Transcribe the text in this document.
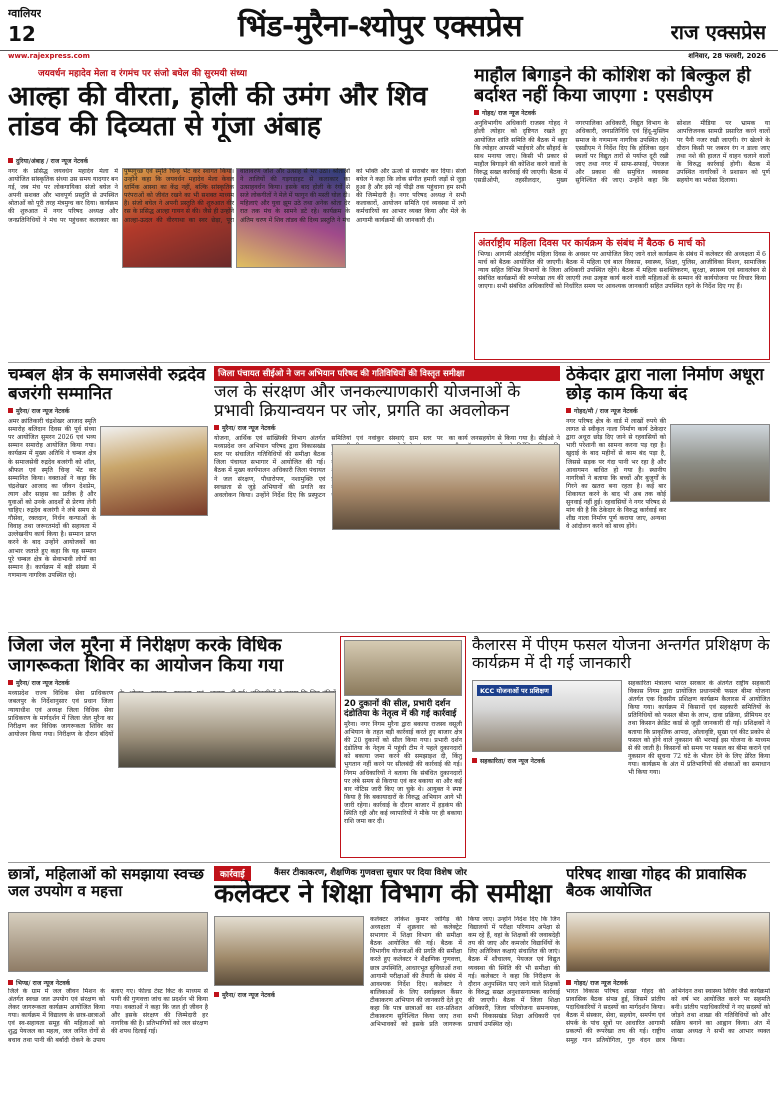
ग्वालियर
12	भिंड-मुरैना-श्योपुर एक्सप्रेस	राज एक्सप्रेस
www.rajexpress.com	शनिवार, 28 फरवरी, 2026
जयवर्धन महादेव मेला व रंगमंच पर संजो बघेल की सुरमयी संध्या
आल्हा की वीरता, होली की उमंग और शिव तांडव की दिव्यता से गूंजा अंबाह
दुरिया/अंबाह / राज न्यूज नेटवर्क
नगर के प्रसिद्ध जयवर्धन महादेव मेला में आयोजित सांस्कृतिक संध्या उस समय यादगार बन गई, जब मंच पर लोकगायिका संजो बघेल ने अपनी सशक्त और भावपूर्ण प्रस्तुति से उपस्थित श्रोताओं को पूरी तरह मंत्रमुग्ध कर दिया। कार्यक्रम की शुरुआत में नगर परिषद अध्यक्ष और जनप्रतिनिधियों ने मंच पर पहुंचकर कलाकार का पुष्पगुच्छ एवं स्मृति चिन्ह भेंट कर स्वागत किया। उन्होंने कहा कि जयवर्धन महादेव मेला केवल धार्मिक आस्था का केंद्र नहीं, बल्कि सांस्कृतिक परंपराओं को जीवंत रखने का भी सशक्त माध्यम है। संजो बघेल ने अपनी प्रस्तुति की शुरुआत वीर रस के प्रसिद्ध आल्हा गायन से की। जैसे ही उन्होंने आल्हा-ऊदल की वीरगाथा का स्वर छेड़ा, पूरा वातावरण जोश और उत्साह से भर उठा। श्रोताओं ने तालियों की गड़गड़ाहट से कलाकार का उत्साहवर्धन किया। इसके बाद होली के रंगों से सजे लोकगीतों ने मेले में फागुन की मस्ती घोल दी। महिलाएं और युवा झूम उठे तथा अनेक श्रोता देर रात तक मंच के सामने डटे रहे। कार्यक्रम के अंतिम चरण में शिव तांडव की दिव्य प्रस्तुति ने मंच को भक्ति और ऊर्जा से सराबोर कर दिया। संजो बघेल ने कहा कि लोक संगीत हमारी जड़ों से जुड़ा हुआ है और इसे नई पीढ़ी तक पहुंचाना हम सभी की जिम्मेदारी है। नगर परिषद अध्यक्ष ने सभी कलाकारों, आयोजन समिति एवं व्यवस्था में लगे कर्मचारियों का आभार व्यक्त किया और मेले के आगामी कार्यक्रमों की जानकारी दी।
माहौल बिगाड़ने की कोशिश को बिल्कुल ही बर्दाश्त नहीं किया जाएगा : एसडीएम
गोहद/ राज न्यूज नेटवर्क
अनुविभागीय अधिकारी राजस्व गोहद ने होली त्योहार को दृष्टिगत रखते हुए आयोजित शांति समिति की बैठक में कहा कि त्योहार आपसी भाईचारे और सौहार्द के साथ मनाया जाए। किसी भी प्रकार से माहौल बिगाड़ने की कोशिश करने वालों के विरुद्ध सख्त कार्रवाई की जाएगी। बैठक में एसडीओपी, तहसीलदार, मुख्य नगरपालिका अधिकारी, विद्युत विभाग के अधिकारी, जनप्रतिनिधि एवं हिंदू-मुस्लिम समाज के गणमान्य नागरिक उपस्थित रहे। एसडीएम ने निर्देश दिए कि होलिका दहन स्थलों पर विद्युत तारों से पर्याप्त दूरी रखी जाए तथा नगर में साफ-सफाई, पेयजल और प्रकाश की समुचित व्यवस्था सुनिश्चित की जाए। उन्होंने कहा कि सोशल मीडिया पर भ्रामक या आपत्तिजनक सामग्री प्रसारित करने वालों पर पैनी नजर रखी जाएगी। रंग खेलने के दौरान किसी पर जबरन रंग न डाला जाए तथा नशे की हालत में वाहन चलाने वालों के विरुद्ध कार्रवाई होगी। बैठक में उपस्थित नागरिकों ने प्रशासन को पूर्ण सहयोग का भरोसा दिलाया।
अंतर्राष्ट्रीय महिला दिवस पर कार्यक्रम के संबंध में बैठक 6 मार्च को
भिण्ड। आगामी अंतर्राष्ट्रीय महिला दिवस के अवसर पर आयोजित किए जाने वाले कार्यक्रम के संबंध में कलेक्टर की अध्यक्षता में 6 मार्च को बैठक आयोजित की जाएगी। बैठक में महिला एवं बाल विकास, स्वास्थ्य, शिक्षा, पुलिस, आजीविका मिशन, सामाजिक न्याय सहित विभिन्न विभागों के जिला अधिकारी उपस्थित रहेंगे। बैठक में महिला सशक्तिकरण, सुरक्षा, स्वास्थ्य एवं स्वावलंबन से संबंधित कार्यक्रमों की रूपरेखा तय की जाएगी तथा उत्कृष्ट कार्य करने वाली महिलाओं के सम्मान की कार्ययोजना पर विचार किया जाएगा। सभी संबंधित अधिकारियों को निर्धारित समय पर आवश्यक जानकारी सहित उपस्थित रहने के निर्देश दिए गए हैं।
चम्बल क्षेत्र के समाजसेवी रुद्रदेव बजरंगी सम्मानित
मुरैना/ राज न्यूज नेटवर्क
अमर क्रांतिकारी चंद्रशेखर आजाद स्मृति समारोह बलिदान दिवस की पूर्व संध्या पर आयोजित सुमरन 2026 एवं भव्य सम्मान समारोह आयोजित किया गया। कार्यक्रम में मुख्य अतिथि ने चम्बल क्षेत्र के समाजसेवी रुद्रदेव बजरंगी को शॉल, श्रीफल एवं स्मृति चिन्ह भेंट कर सम्मानित किया। वक्ताओं ने कहा कि चंद्रशेखर आजाद का जीवन देशप्रेम, त्याग और साहस का प्रतीक है और युवाओं को उनके आदर्शों से प्रेरणा लेनी चाहिए। रुद्रदेव बजरंगी ने लंबे समय से गौसेवा, रक्तदान, निर्धन कन्याओं के विवाह तथा जरूरतमंदों की सहायता में उल्लेखनीय कार्य किया है। सम्मान प्राप्त करने के बाद उन्होंने आयोजकों का आभार जताते हुए कहा कि यह सम्मान पूरे चम्बल क्षेत्र के सेवाभावी लोगों का सम्मान है। कार्यक्रम में बड़ी संख्या में गणमान्य नागरिक उपस्थित रहे।
जिला पंचायत सीईओ ने जन अभियान परिषद की गतिविधियों की विस्तृत समीक्षा
जल के संरक्षण और जनकल्याणकारी योजनाओं के प्रभावी क्रियान्वयन पर जोर, प्रगति का अवलोकन
मुरैना/ राज न्यूज नेटवर्क
योजना, आर्थिक एवं सांख्यिकी विभाग अंतर्गत मध्यप्रदेश जन अभियान परिषद द्वारा विकासखंड स्तर पर संचालित गतिविधियों की समीक्षा बैठक जिला पंचायत सभागार में आयोजित की गई। बैठक में मुख्य कार्यपालन अधिकारी जिला पंचायत ने जल संरक्षण, पौधारोपण, नशामुक्ति एवं स्वच्छता से जुड़े अभियानों की प्रगति का अवलोकन किया। उन्होंने निर्देश दिए कि प्रस्फुटन समितियां एवं नवांकुर संस्थाएं ग्राम स्तर पर का कार्य जनसहयोग से किया गया है। सीईओ ने
ठेकेदार द्वारा नाला निर्माण अधूरा छोड़ काम किया बंद
गोहद/मौ / राज न्यूज नेटवर्क
नगर परिषद क्षेत्र के वार्ड में लाखों रुपये की लागत से स्वीकृत नाला निर्माण कार्य ठेकेदार द्वारा अधूरा छोड़ दिए जाने से रहवासियों को भारी परेशानी का सामना करना पड़ रहा है। खुदाई के बाद महीनों से काम बंद पड़ा है, जिससे सड़क पर गंदा पानी भर रहा है और आवागमन बाधित हो गया है। स्थानीय नागरिकों ने बताया कि बच्चों और बुजुर्गों के गिरने का खतरा बना रहता है। कई बार शिकायत करने के बाद भी अब तक कोई सुनवाई नहीं हुई। रहवासियों ने नगर परिषद से मांग की है कि ठेकेदार के विरुद्ध कार्रवाई कर शीघ्र नाला निर्माण पूर्ण कराया जाए, अन्यथा वे आंदोलन करने को बाध्य होंगे।
जिला जेल मुरैना में निरीक्षण करके विधिक जागरूकता शिविर का आयोजन किया गया
मुरैना/ राज न्यूज नेटवर्क
मध्यप्रदेश राज्य विधिक सेवा प्राधिकरण जबलपुर के निर्देशानुसार एवं प्रधान जिला न्यायाधीश एवं अध्यक्ष जिला विधिक सेवा प्राधिकरण के मार्गदर्शन में जिला जेल मुरैना का निरीक्षण कर विधिक जागरूकता शिविर का आयोजन किया गया। निरीक्षण के दौरान बंदियों
20 दुकानों की सील, प्रभारी दर्शन दंडोतिया के नेतृत्व में की गई कार्रवाई
मुरैना। नगर निगम मुरैना द्वारा बकाया राजस्व वसूली अभियान के तहत बड़ी कार्रवाई करते हुए बाजार क्षेत्र की 20 दुकानों को सील किया गया। प्रभारी दर्शन दंडोतिया के नेतृत्व में पहुंची टीम ने पहले दुकानदारों को बकाया जमा करने की समझाइश दी, किंतु भुगतान नहीं करने पर सीलबंदी की कार्रवाई की गई। निगम अधिकारियों ने बताया कि संबंधित दुकानदारों पर लंबे समय से किराया एवं कर बकाया था और कई बार नोटिस जारी किए जा चुके थे। आयुक्त ने स्पष्ट किया है कि बकायादारों के विरुद्ध अभियान आगे भी जारी रहेगा। कार्रवाई के दौरान बाजार में हड़कंप की स्थिति रही और कई व्यापारियों ने मौके पर ही बकाया राशि जमा कर दी।
कैलारस में पीएम फसल योजना अन्तर्गत प्रशिक्षण के कार्यक्रम में दी गई जानकारी
KCC योजनाओं पर प्रशिक्षण
सहकारिता/ राज न्यूज नेटवर्क
सहकारिता मंत्रालय भारत सरकार के अंतर्गत राष्ट्रीय सहकारी विकास निगम द्वारा प्रायोजित प्रधानमंत्री फसल बीमा योजना अंतर्गत एक दिवसीय प्रशिक्षण कार्यक्रम कैलारस में आयोजित किया गया। कार्यक्रम में किसानों एवं सहकारी समितियों के प्रतिनिधियों को फसल बीमा के लाभ, दावा प्रक्रिया, प्रीमियम दर तथा किसान क्रेडिट कार्ड से जुड़ी जानकारी दी गई। प्रशिक्षकों ने बताया कि प्राकृतिक आपदा, ओलावृष्टि, सूखा एवं कीट प्रकोप से फसल को होने वाले नुकसान की भरपाई इस योजना के माध्यम से की जाती है। किसानों को समय पर फसल का बीमा कराने एवं नुकसान की सूचना 72 घंटे के भीतर देने के लिए प्रेरित किया गया। कार्यक्रम के अंत में प्रतिभागियों की शंकाओं का समाधान भी किया गया।
छात्रों, महिलाओं को समझाया स्वच्छ जल उपयोग व महत्ता
भिण्ड/ राज न्यूज नेटवर्क
जिले के ग्राम में जल जीवन मिशन के अंतर्गत स्वच्छ जल उपयोग एवं संरक्षण को लेकर जागरूकता कार्यक्रम आयोजित किया गया। कार्यक्रम में विद्यालय के छात्र-छात्राओं एवं स्व-सहायता समूह की महिलाओं को शुद्ध पेयजल का महत्व, जल जनित रोगों से बचाव तथा पानी की बर्बादी रोकने के उपाय बताए गए। फील्ड टेस्ट किट के माध्यम से पानी की गुणवत्ता जांच का प्रदर्शन भी किया गया। वक्ताओं ने कहा कि जल ही जीवन है और इसके संरक्षण की जिम्मेदारी हर नागरिक की है। प्रतिभागियों को जल संरक्षण की शपथ दिलाई गई।
कार्रवाई	कैंसर टीकाकरण, शैक्षणिक गुणवत्ता सुधार पर दिया विशेष जोर
कलेक्टर ने शिक्षा विभाग की समीक्षा
मुरैना/ राज न्यूज नेटवर्क
कलेक्टर लोकेश कुमार जांगिड़ की अध्यक्षता में शुक्रवार को कलेक्ट्रेट सभागार में शिक्षा विभाग की समीक्षा बैठक आयोजित की गई। बैठक में विभागीय योजनाओं की प्रगति की समीक्षा करते हुए कलेक्टर ने शैक्षणिक गुणवत्ता, छात्र उपस्थिति, आधारभूत सुविधाओं तथा आगामी परीक्षाओं की तैयारी के संबंध में आवश्यक निर्देश दिए। कलेक्टर ने बालिकाओं के लिए सर्वाइकल कैंसर टीकाकरण अभियान की जानकारी देते हुए कहा कि पात्र छात्राओं का शत-प्रतिशत टीकाकरण सुनिश्चित किया जाए तथा अभिभावकों को इसके प्रति जागरूक किया जाए। उन्होंने निर्देश दिए कि जिन विद्यालयों में परीक्षा परिणाम अपेक्षा से कम रहे हैं, वहां के शिक्षकों की जवाबदेही तय की जाए और कमजोर विद्यार्थियों के लिए अतिरिक्त कक्षाएं संचालित की जाएं। बैठक में शौचालय, पेयजल एवं विद्युत व्यवस्था की स्थिति की भी समीक्षा की गई। कलेक्टर ने कहा कि निरीक्षण के दौरान अनुपस्थित पाए जाने वाले शिक्षकों के विरुद्ध सख्त अनुशासनात्मक कार्रवाई की जाएगी। बैठक में जिला शिक्षा अधिकारी, जिला परियोजना समन्वयक, सभी विकासखंड शिक्षा अधिकारी एवं प्राचार्य उपस्थित रहे।
परिषद शाखा गोहद की प्रावासिक बैठक आयोजित
गोहद/ राज न्यूज नेटवर्क
भारत विकास परिषद शाखा गोहद की प्रावासिक बैठक संपन्न हुई, जिसमें प्रांतीय पदाधिकारियों ने सदस्यों का मार्गदर्शन किया। बैठक में संस्कार, सेवा, सहयोग, समर्पण एवं संपर्क के पांच सूत्रों पर आधारित आगामी प्रकल्पों की रूपरेखा तय की गई। राष्ट्रीय समूह गान प्रतियोगिता, गुरु वंदन छात्र अभिनंदन तथा स्वास्थ्य शिविर जैसे कार्यक्रमों को वर्ष भर आयोजित करने पर सहमति बनी। प्रांतीय पदाधिकारियों ने नए सदस्यों को जोड़ने तथा शाखा की गतिविधियों को और सक्रिय बनाने का आह्वान किया। अंत में शाखा अध्यक्ष ने सभी का आभार व्यक्त किया।
